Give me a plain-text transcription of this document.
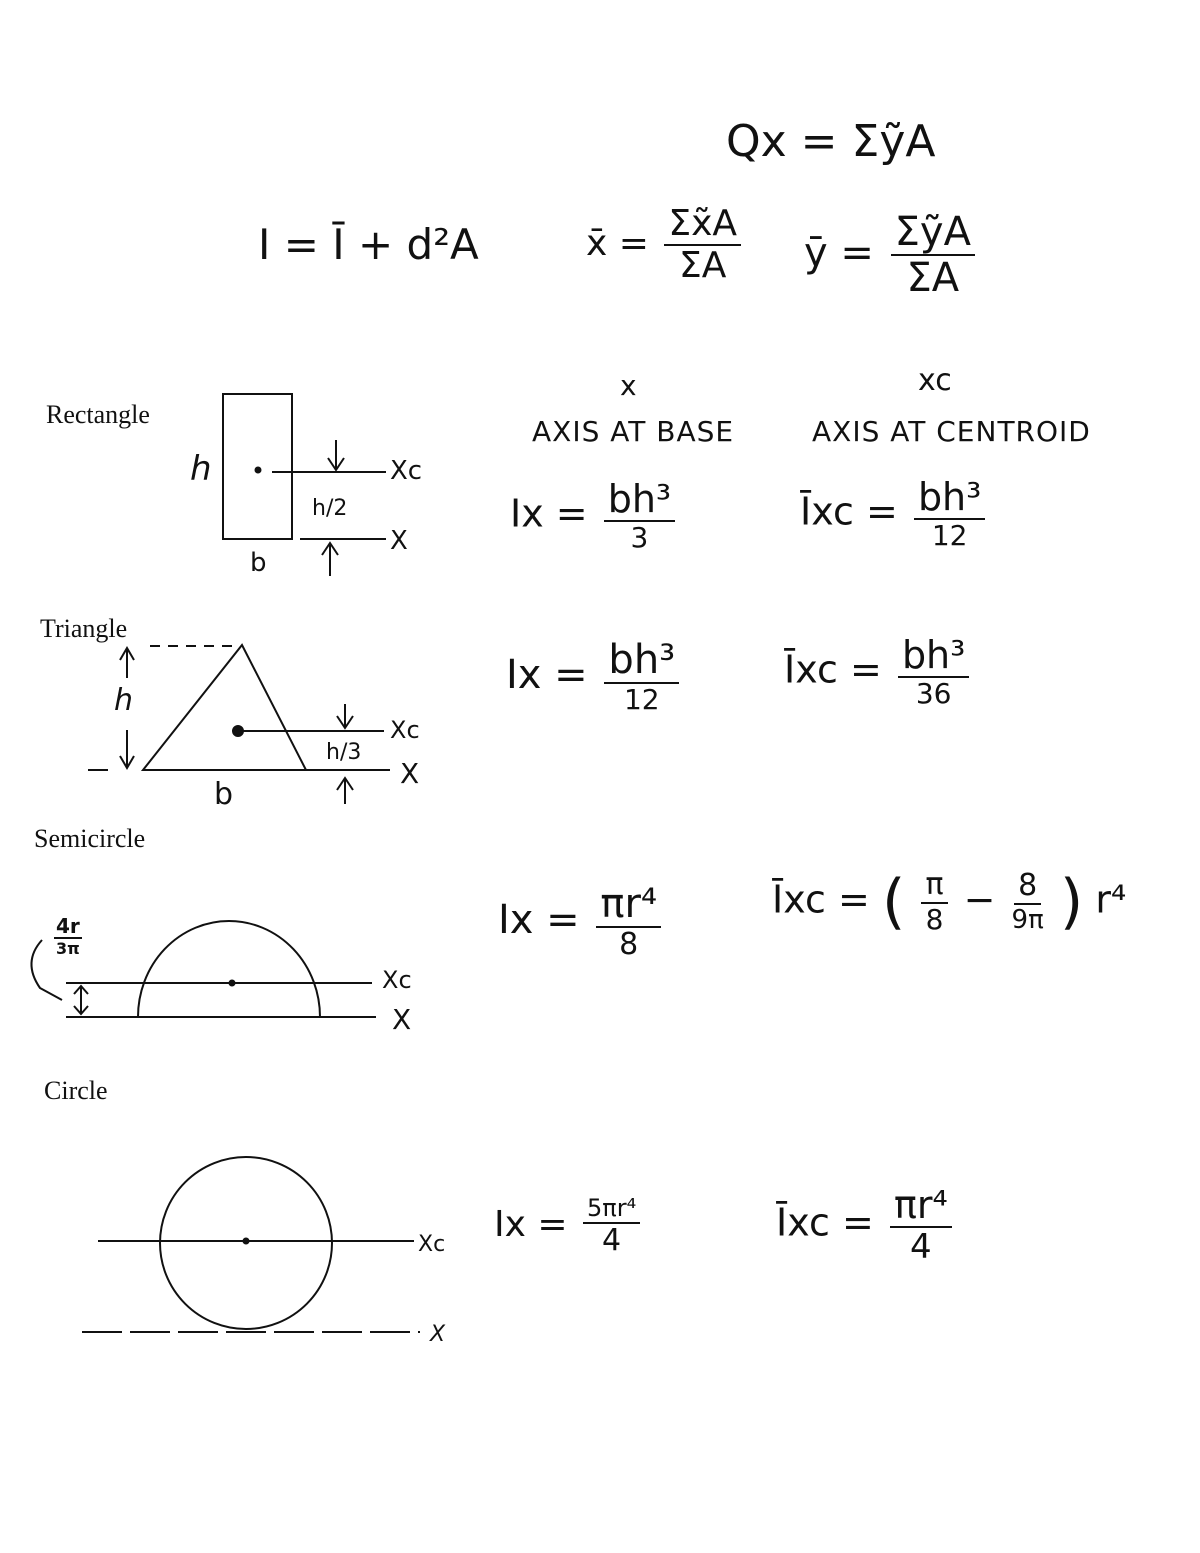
Qx = ΣỹA
I = Ī + d²A	x̄ = $\frac{\Sigma x̃A}{\Sigma A}$ ȳ = $\frac{\text{ΣỹA}}{\Sigma A}$
x
AXIS AT BASE
xc
AXIS AT CENTROID
Rectangle
h
b
h/2
Xc
X
$Ix = \frac{\text{bh³}}{3}$	Īxc = $\frac{\text{bh³}}{12}$
Triangle
h
b
h/3
Xc
X
$Ix = \frac{\text{bh³}}{12}$	Īxc = $\frac{\text{bh³}}{36}$
Semicircle
$\frac{4r}{3\pi}$
Xc
X
$Ix = \frac{\text{πr⁴}}{8}$	Īxc = ( $\frac{\pi}{8} - \frac{8}{9\pi}$ ) r⁴
Circle
Xc
X
$Ix = \frac{\text{5πr⁴}}{4}$	Īxc = $\frac{\text{πr⁴}}{4}$
